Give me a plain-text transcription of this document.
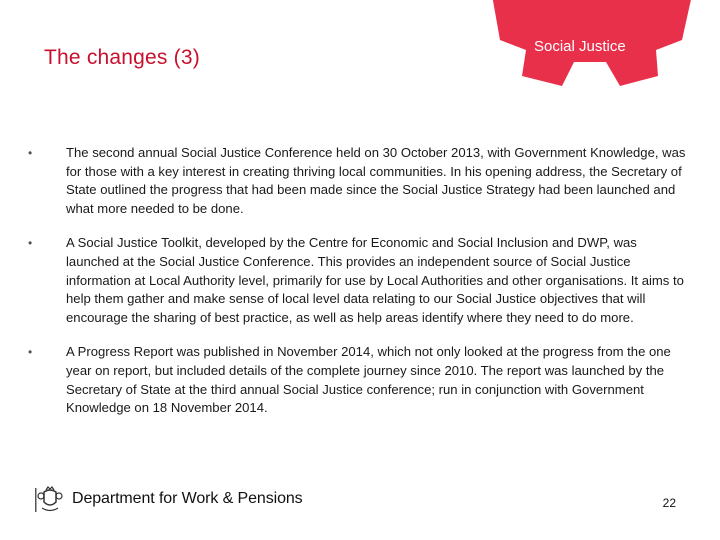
The changes (3)	Social Justice
•	The second annual Social Justice Conference held on 30 October 2013, with Government Knowledge, was for those with a key interest in creating thriving local communities. In his opening address, the Secretary of State outlined the progress that had been made since the Social Justice Strategy had been launched and what more needed to be done.
•	A Social Justice Toolkit, developed by the Centre for Economic and Social Inclusion and DWP, was launched at the Social Justice Conference. This provides an independent source of Social Justice information at Local Authority level, primarily for use by Local Authorities and other organisations. It aims to help them gather and make sense of local level data relating to our Social Justice objectives that will encourage the sharing of best practice, as well as help areas identify where they need to do more.
•	A Progress Report was published in November 2014, which not only looked at the progress from the one year on report, but included details of the complete journey since 2010. The report was launched by the Secretary of State at the third annual Social Justice conference; run in conjunction with Government Knowledge on 18 November 2014.
Department for Work & Pensions	22
